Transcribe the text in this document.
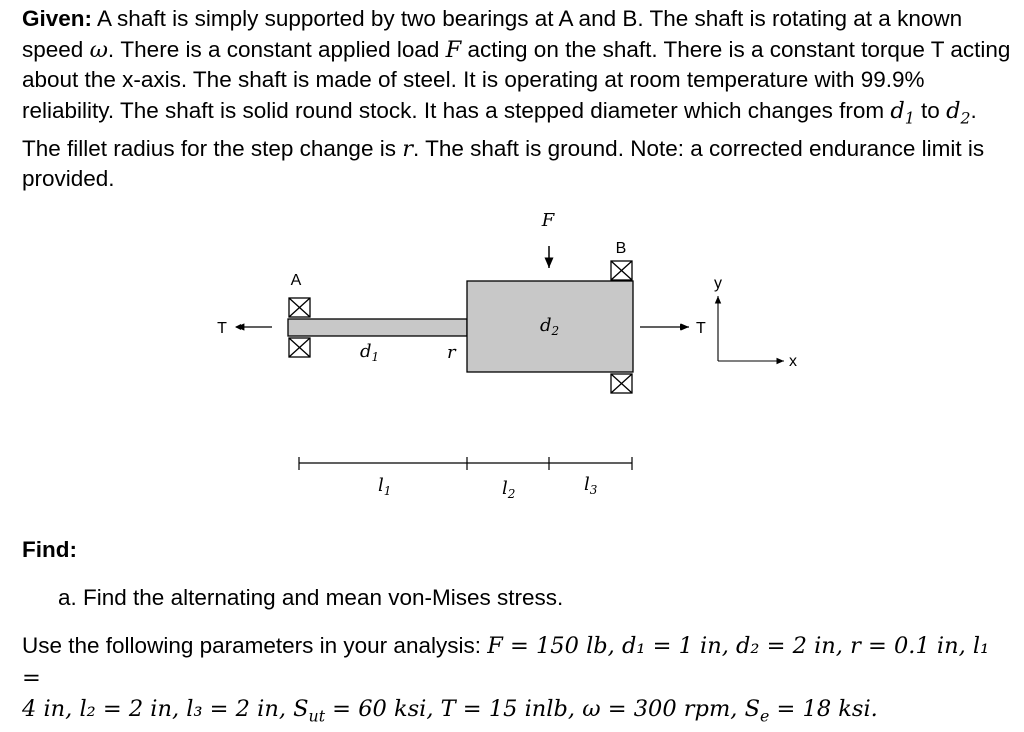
Given: A shaft is simply supported by two bearings at A and B. The shaft is rotating at a known speed ω. There is a constant applied load F acting on the shaft. There is a constant torque T acting about the x-axis. The shaft is made of steel. It is operating at room temperature with 99.9% reliability. The shaft is solid round stock. It has a stepped diameter which changes from $d_1$ to $d_2$. The fillet radius for the step change is r. The shaft is ground. Note: a corrected endurance limit is provided.
A
B
F
T	T
$d_1$
$d_2$
r
$l_1$	$l_2$	$l_3$
y
x
Find:
a. Find the alternating and mean von-Mises stress.
Use the following parameters in your analysis: F = 150 lb, d₁ = 1 in, d₂ = 2 in, r = 0.1 in, l₁ =
4 in, l₂ = 2 in, l₃ = 2 in, $S_{ut} = 60$ ksi, T = 15 inlb, ω = 300 rpm, $S_e = 18$ ksi.
